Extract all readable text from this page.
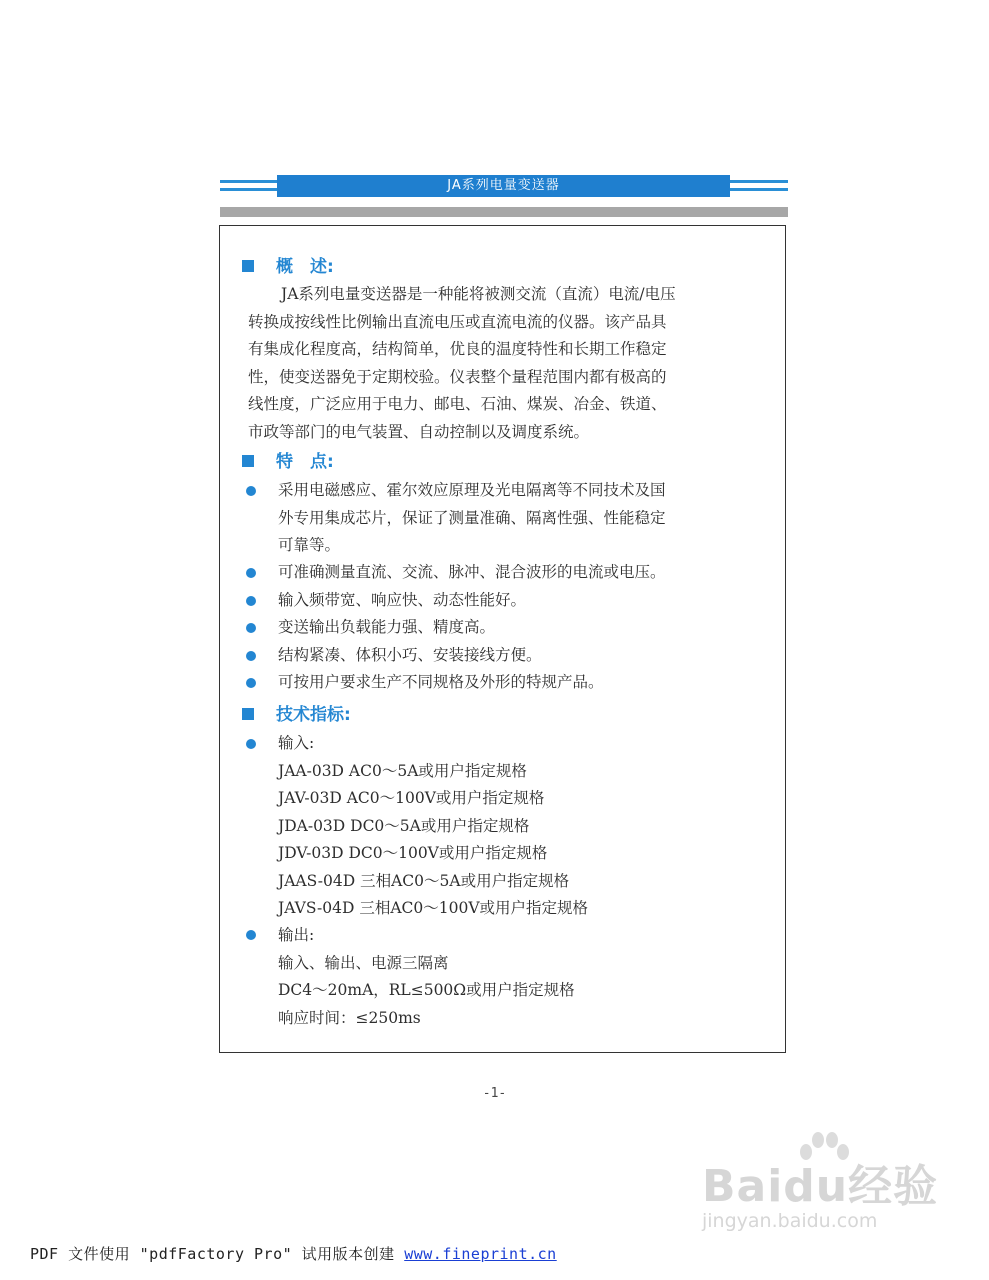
JA系列电量变送器
概　述:
　　JA系列电量变送器是一种能将被测交流（直流）电流/电压
转换成按线性比例输出直流电压或直流电流的仪器。该产品具
有集成化程度高，结构简单，优良的温度特性和长期工作稳定
性，使变送器免于定期校验。仪表整个量程范围内都有极高的
线性度，广泛应用于电力、邮电、石油、煤炭、冶金、铁道、
市政等部门的电气装置、自动控制以及调度系统。
特　点:
采用电磁感应、霍尔效应原理及光电隔离等不同技术及国
外专用集成芯片，保证了测量准确、隔离性强、性能稳定
可靠等。
可准确测量直流、交流、脉冲、混合波形的电流或电压。
输入频带宽、响应快、动态性能好。
变送输出负载能力强、精度高。
结构紧凑、体积小巧、安装接线方便。
可按用户要求生产不同规格及外形的特规产品。
技术指标:
输入:
JAA-03D AC0～5A或用户指定规格
JAV-03D AC0～100V或用户指定规格
JDA-03D DC0～5A或用户指定规格
JDV-03D DC0～100V或用户指定规格
JAAS-04D 三相AC0～5A或用户指定规格
JAVS-04D 三相AC0～100V或用户指定规格
输出:
输入、输出、电源三隔离
DC4～20mA，RL≤500Ω或用户指定规格
响应时间：≤250ms
-1-
Baidu经验
jingyan.baidu.com
PDF 文件使用 "pdfFactory Pro" 试用版本创建 www.fineprint.cn
